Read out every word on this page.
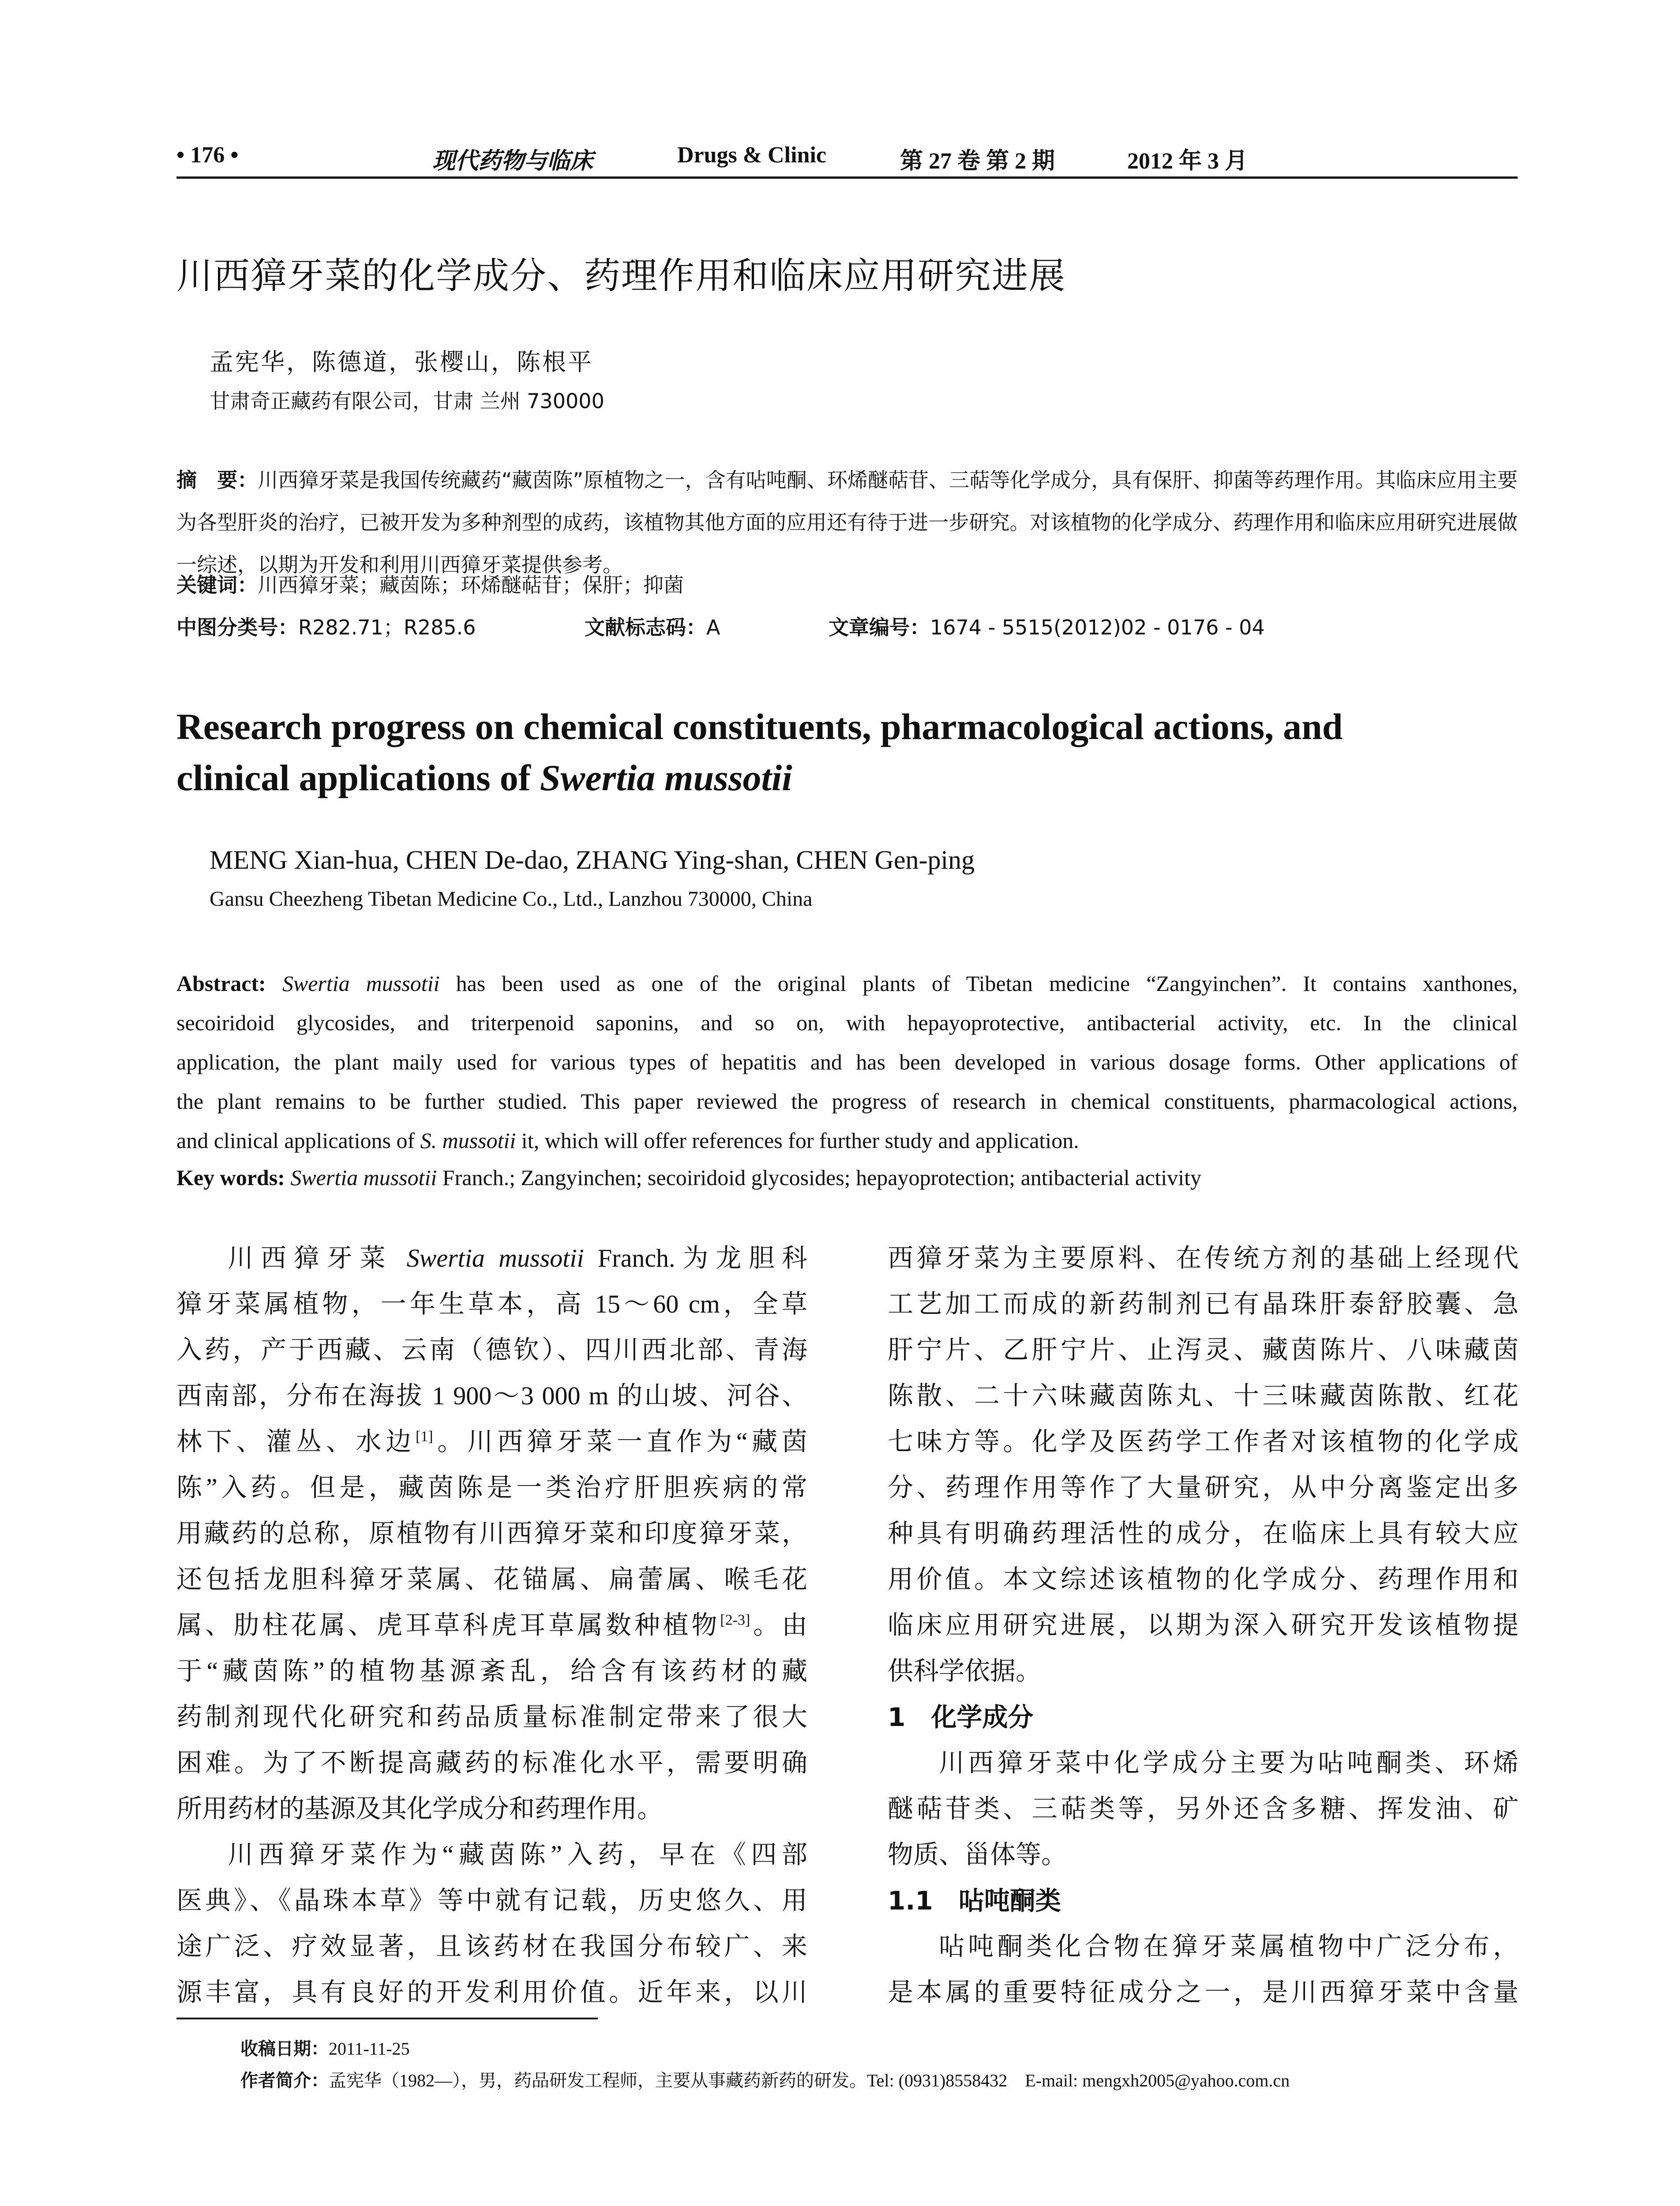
• 176 •	现代药物与临床	Drugs & Clinic	第 27 卷 第 2 期	2012 年 3 月
川西獐牙菜的化学成分、药理作用和临床应用研究进展
孟宪华，陈德道，张樱山，陈根平
甘肃奇正藏药有限公司，甘肃 兰州 730000
摘　要：川西獐牙菜是我国传统藏药“藏茵陈”原植物之一，含有呫吨酮、环烯醚萜苷、三萜等化学成分，具有保肝、抑菌等药理作用。其临床应用主要为各型肝炎的治疗，已被开发为多种剂型的成药，该植物其他方面的应用还有待于进一步研究。对该植物的化学成分、药理作用和临床应用研究进展做一综述，以期为开发和利用川西獐牙菜提供参考。
关键词：川西獐牙菜；藏茵陈；环烯醚萜苷；保肝；抑菌
中图分类号：R282.71；R285.6	文献标志码：A	文章编号：1674 - 5515(2012)02 - 0176 - 04
Research progress on chemical constituents, pharmacological actions, and
clinical applications of Swertia mussotii
MENG Xian-hua, CHEN De-dao, ZHANG Ying-shan, CHEN Gen-ping
Gansu Cheezheng Tibetan Medicine Co., Ltd., Lanzhou 730000, China
Abstract: Swertia mussotii has been used as one of the original plants of Tibetan medicine “Zangyinchen”. It contains xanthones,
secoiridoid glycosides, and triterpenoid saponins, and so on, with hepayoprotective, antibacterial activity, etc. In the clinical
application, the plant maily used for various types of hepatitis and has been developed in various dosage forms. Other applications of
the plant remains to be further studied. This paper reviewed the progress of research in chemical constituents, pharmacological actions,
and clinical applications of S. mussotii it, which will offer references for further study and application.
Key words: Swertia mussotii Franch.; Zangyinchen; secoiridoid glycosides; hepayoprotection; antibacterial activity
川西獐牙菜 Swertia mussotii Franch.为龙胆科
獐牙菜属植物，一年生草本，高 15～60 cm，全草
入药，产于西藏、云南（德钦）、四川西北部、青海
西南部，分布在海拔 1 900～3 000 m 的山坡、河谷、
林下、灌丛、水边[1]。川西獐牙菜一直作为“藏茵
陈”入药。但是，藏茵陈是一类治疗肝胆疾病的常
用藏药的总称，原植物有川西獐牙菜和印度獐牙菜，
还包括龙胆科獐牙菜属、花锚属、扁蕾属、喉毛花
属、肋柱花属、虎耳草科虎耳草属数种植物[2-3]。由
于“藏茵陈”的植物基源紊乱，给含有该药材的藏
药制剂现代化研究和药品质量标准制定带来了很大
困难。为了不断提高藏药的标准化水平，需要明确
所用药材的基源及其化学成分和药理作用。
川西獐牙菜作为“藏茵陈”入药，早在《四部
医典》、《晶珠本草》等中就有记载，历史悠久、用
途广泛、疗效显著，且该药材在我国分布较广、来
源丰富，具有良好的开发利用价值。近年来，以川
西獐牙菜为主要原料、在传统方剂的基础上经现代
工艺加工而成的新药制剂已有晶珠肝泰舒胶囊、急
肝宁片、乙肝宁片、止泻灵、藏茵陈片、八味藏茵
陈散、二十六味藏茵陈丸、十三味藏茵陈散、红花
七味方等。化学及医药学工作者对该植物的化学成
分、药理作用等作了大量研究，从中分离鉴定出多
种具有明确药理活性的成分，在临床上具有较大应
用价值。本文综述该植物的化学成分、药理作用和
临床应用研究进展，以期为深入研究开发该植物提
供科学依据。
1　化学成分
川西獐牙菜中化学成分主要为呫吨酮类、环烯
醚萜苷类、三萜类等，另外还含多糖、挥发油、矿
物质、甾体等。
1.1　呫吨酮类
呫吨酮类化合物在獐牙菜属植物中广泛分布，
是本属的重要特征成分之一，是川西獐牙菜中含量
收稿日期：2011-11-25
作者简介：孟宪华（1982—），男，药品研发工程师，主要从事藏药新药的研发。Tel: (0931)8558432　E-mail: mengxh2005@yahoo.com.cn
